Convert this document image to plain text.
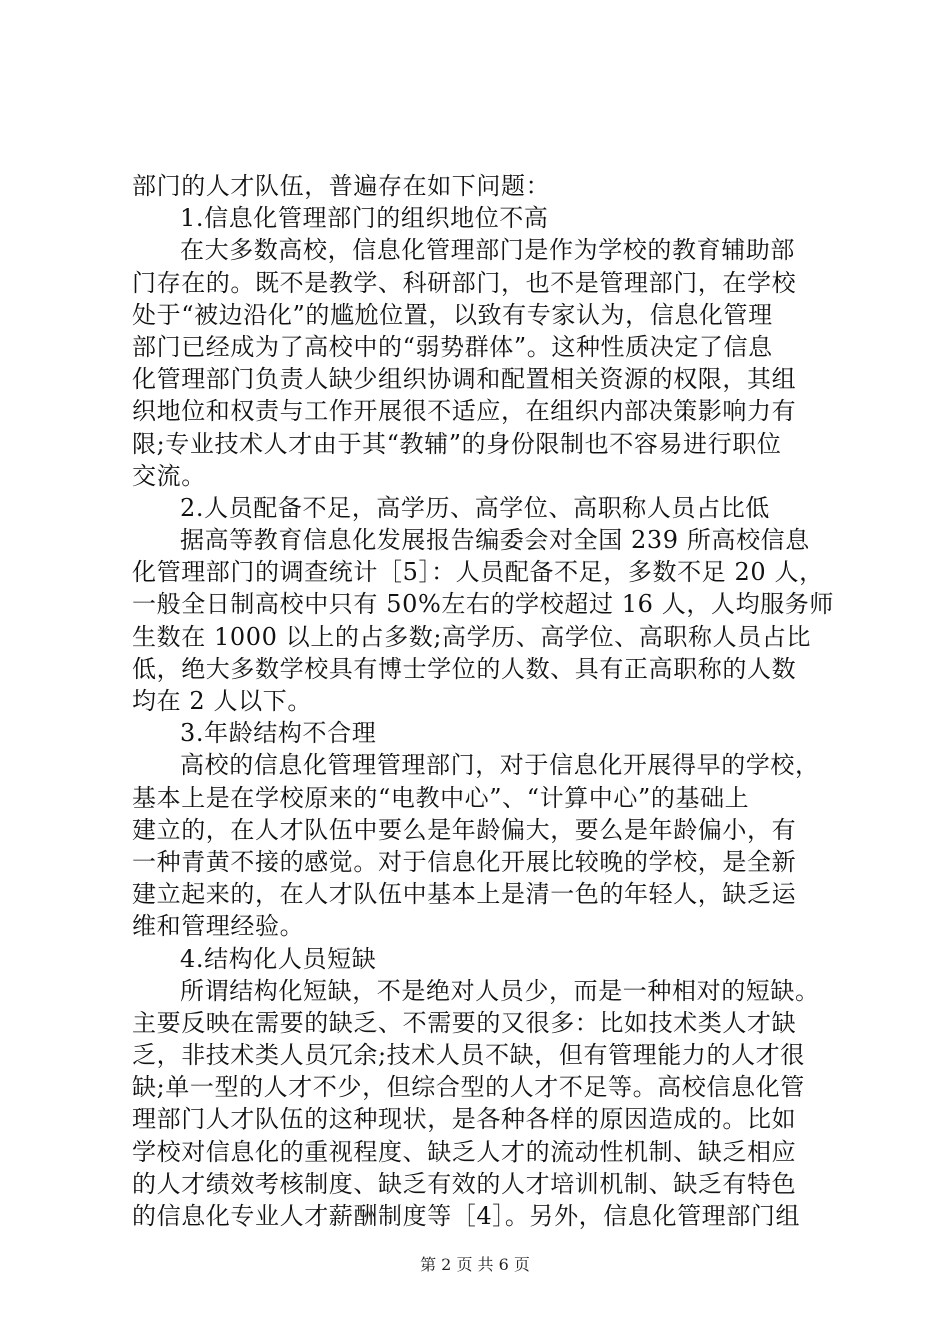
部门的人才队伍，普遍存在如下问题：
1.信息化管理部门的组织地位不高
在大多数高校，信息化管理部门是作为学校的教育辅助部
门存在的。既不是教学、科研部门，也不是管理部门，在学校
处于“被边沿化”的尴尬位置，以致有专家认为，信息化管理
部门已经成为了高校中的“弱势群体”。这种性质决定了信息
化管理部门负责人缺少组织协调和配置相关资源的权限，其组
织地位和权责与工作开展很不适应，在组织内部决策影响力有
限;专业技术人才由于其“教辅”的身份限制也不容易进行职位
交流。
2.人员配备不足，高学历、高学位、高职称人员占比低
据高等教育信息化发展报告编委会对全国 239 所高校信息
化管理部门的调查统计［5］：人员配备不足，多数不足 20 人，
一般全日制高校中只有 50%左右的学校超过 16 人，人均服务师
生数在 1000 以上的占多数;高学历、高学位、高职称人员占比
低，绝大多数学校具有博士学位的人数、具有正高职称的人数
均在 2 人以下。
3.年龄结构不合理
高校的信息化管理管理部门，对于信息化开展得早的学校，
基本上是在学校原来的“电教中心”、“计算中心”的基础上
建立的，在人才队伍中要么是年龄偏大，要么是年龄偏小，有
一种青黄不接的感觉。对于信息化开展比较晚的学校，是全新
建立起来的，在人才队伍中基本上是清一色的年轻人，缺乏运
维和管理经验。
4.结构化人员短缺
所谓结构化短缺，不是绝对人员少，而是一种相对的短缺。
主要反映在需要的缺乏、不需要的又很多：比如技术类人才缺
乏，非技术类人员冗余;技术人员不缺，但有管理能力的人才很
缺;单一型的人才不少，但综合型的人才不足等。高校信息化管
理部门人才队伍的这种现状，是各种各样的原因造成的。比如
学校对信息化的重视程度、缺乏人才的流动性机制、缺乏相应
的人才绩效考核制度、缺乏有效的人才培训机制、缺乏有特色
的信息化专业人才薪酬制度等［4］。另外，信息化管理部门组
第 2 页 共 6 页
